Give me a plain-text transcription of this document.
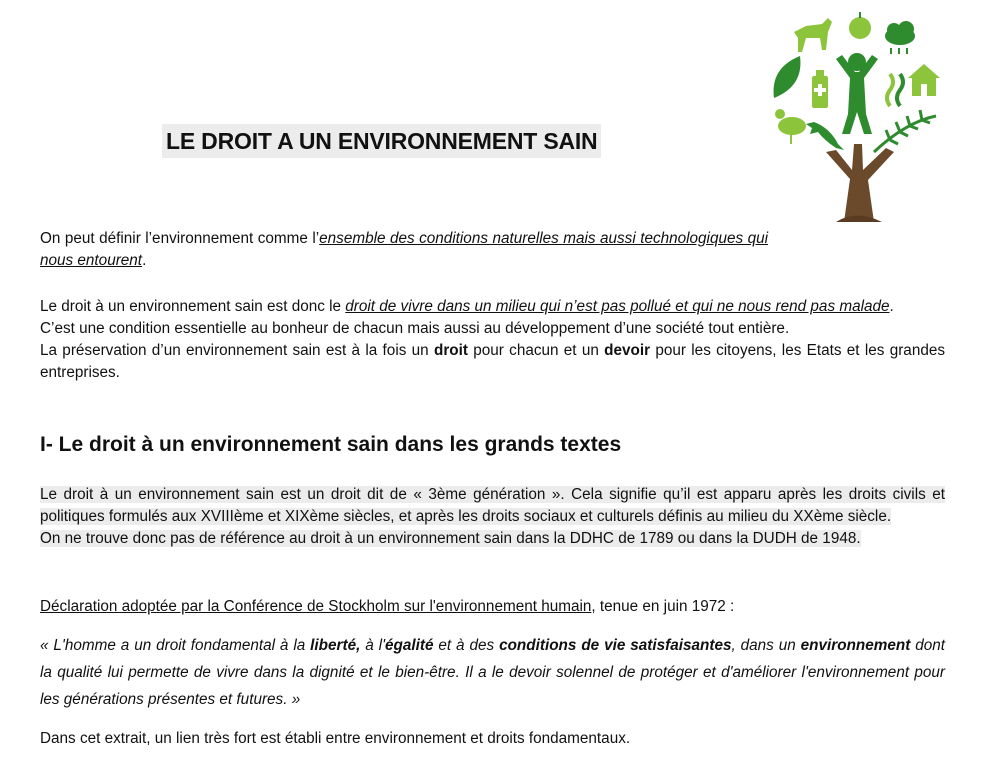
LE DROIT A UN ENVIRONNEMENT SAIN

On peut définir l’environnement comme l’ensemble des conditions naturelles mais aussi technologiques qui nous entourent.

Le droit à un environnement sain est donc le droit de vivre dans un milieu qui n’est pas pollué et qui ne nous rend pas malade.
C’est une condition essentielle au bonheur de chacun mais aussi au développement d’une société tout entière.
La préservation d’un environnement sain est à la fois un droit pour chacun et un devoir pour les citoyens, les Etats et les grandes entreprises.

I- Le droit à un environnement sain dans les grands textes

Le droit à un environnement sain est un droit dit de « 3ème génération ». Cela signifie qu’il est apparu après les droits civils et politiques formulés aux XVIIIème et XIXème siècles, et après les droits sociaux et culturels définis au milieu du XXème siècle.
On ne trouve donc pas de référence au droit à un environnement sain dans la DDHC de 1789 ou dans la DUDH de 1948.

Déclaration adoptée par la Conférence de Stockholm sur l'environnement humain, tenue en juin 1972 :

« L'homme a un droit fondamental à la liberté, à l'égalité et à des conditions de vie satisfaisantes, dans un environnement dont la qualité lui permette de vivre dans la dignité et le bien-être. Il a le devoir solennel de protéger et d'améliorer l'environnement pour les générations présentes et futures. »

Dans cet extrait, un lien très fort est établi entre environnement et droits fondamentaux.
